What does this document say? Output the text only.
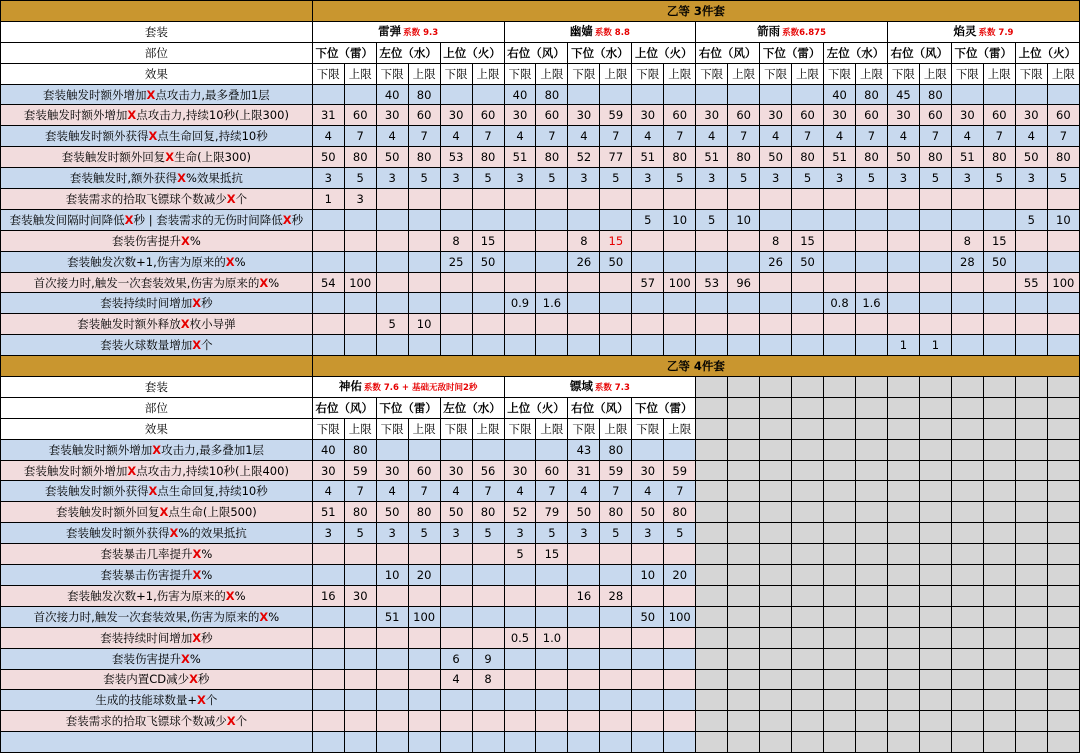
	乙等 3件套																							
套装	雷弹 系数 9.3						幽嫱 系数 8.8						箭雨 系数6.875						焰灵 系数 7.9					
部位	下位（雷）		左位（水）		上位（火）		右位（风）		下位（水）		上位（火）		右位（风）		下位（雷）		左位（水）		右位（风）		下位（雷）		上位（火）	
效果	下限	上限	下限	上限	下限	上限	下限	上限	下限	上限	下限	上限	下限	上限	下限	上限	下限	上限	下限	上限	下限	上限	下限	上限
套装触发时额外增加X点攻击力,最多叠加1层			40	80			40	80									40	80	45	80				
套装触发时额外增加X点攻击力,持续10秒(上限300)	31	60	30	60	30	60	30	60	30	59	30	60	30	60	30	60	30	60	30	60	30	60	30	60
套装触发时额外获得X点生命回复,持续10秒	4	7	4	7	4	7	4	7	4	7	4	7	4	7	4	7	4	7	4	7	4	7	4	7
套装触发时额外回复X生命(上限300)	50	80	50	80	53	80	51	80	52	77	51	80	51	80	50	80	51	80	50	80	51	80	50	80
套装触发时,额外获得X%效果抵抗	3	5	3	5	3	5	3	5	3	5	3	5	3	5	3	5	3	5	3	5	3	5	3	5
套装需求的拾取飞镖球个数减少X个	1	3																						
套装触发间隔时间降低X秒 | 套装需求的无伤时间降低X秒											5	10	5	10									5	10
套装伤害提升X%					8	15			8	15					8	15					8	15		
套装触发次数+1,伤害为原来的X%					25	50			26	50					26	50					28	50		
首次接力时,触发一次套装效果,伤害为原来的X%	54	100									57	100	53	96									55	100
套装持续时间增加X秒							0.9	1.6									0.8	1.6						
套装触发时额外释放X枚小导弹			5	10																				
套装火球数量增加X个																			1	1				
	乙等 4件套																							
套装	神佑 系数 7.6 + 基础无敌时间2秒						镖域 系数 7.3																	
部位	右位（风）		下位（雷）		左位（水）		上位（火）		右位（风）		下位（雷）													
效果	下限	上限	下限	上限	下限	上限	下限	上限	下限	上限	下限	上限												
套装触发时额外增加X攻击力,最多叠加1层	40	80							43	80														
套装触发时额外增加X点攻击力,持续10秒(上限400)	30	59	30	60	30	56	30	60	31	59	30	59												
套装触发时额外获得X点生命回复,持续10秒	4	7	4	7	4	7	4	7	4	7	4	7												
套装触发时额外回复X点生命(上限500)	51	80	50	80	50	80	52	79	50	80	50	80												
套装触发时额外获得X%的效果抵抗	3	5	3	5	3	5	3	5	3	5	3	5												
套装暴击几率提升X%							5	15																
套装暴击伤害提升X%			10	20							10	20												
套装触发次数+1,伤害为原来的X%	16	30							16	28														
首次接力时,触发一次套装效果,伤害为原来的X%			51	100							50	100												
套装持续时间增加X秒							0.5	1.0																
套装伤害提升X%					6	9																		
套装内置CD减少X秒					4	8																		
生成的技能球数量+X个																								
套装需求的拾取飞镖球个数减少X个																								
